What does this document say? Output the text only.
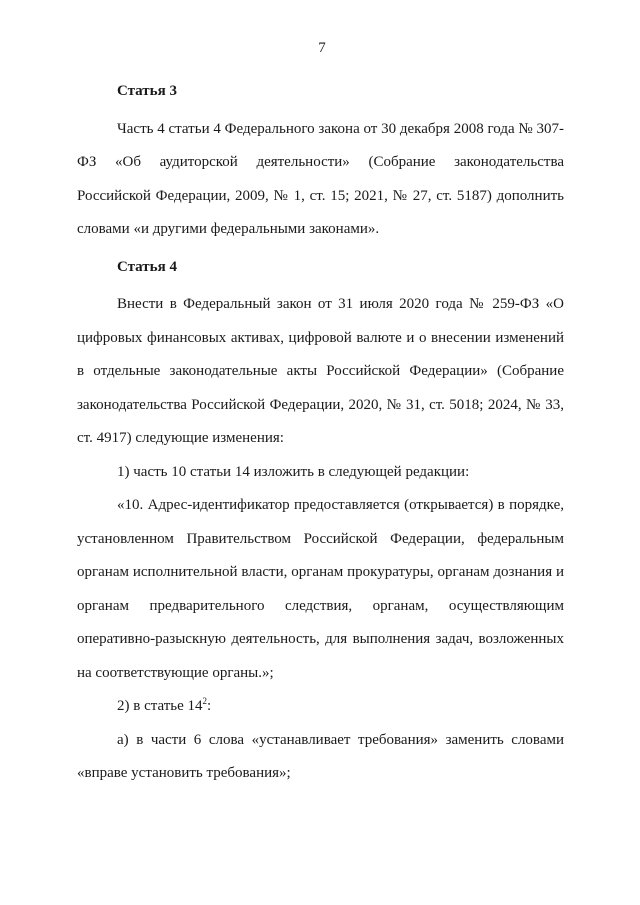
7

Статья 3

Часть 4 статьи 4 Федерального закона от 30 декабря 2008 года № 307-ФЗ «Об аудиторской деятельности» (Собрание законодательства Российской Федерации, 2009, № 1, ст. 15; 2021, № 27, ст. 5187) дополнить словами «и другими федеральными законами».

Статья 4

Внести в Федеральный закон от 31 июля 2020 года № 259-ФЗ «О цифровых финансовых активах, цифровой валюте и о внесении изменений в отдельные законодательные акты Российской Федерации» (Собрание законодательства Российской Федерации, 2020, № 31, ст. 5018; 2024, № 33, ст. 4917) следующие изменения:

1) часть 10 статьи 14 изложить в следующей редакции:

«10. Адрес-идентификатор предоставляется (открывается) в порядке, установленном Правительством Российской Федерации, федеральным органам исполнительной власти, органам прокуратуры, органам дознания и органам предварительного следствия, органам, осуществляющим оперативно-разыскную деятельность, для выполнения задач, возложенных на соответствующие органы.»;

2) в статье $14^2$:

а) в части 6 слова «устанавливает требования» заменить словами «вправе установить требования»;
